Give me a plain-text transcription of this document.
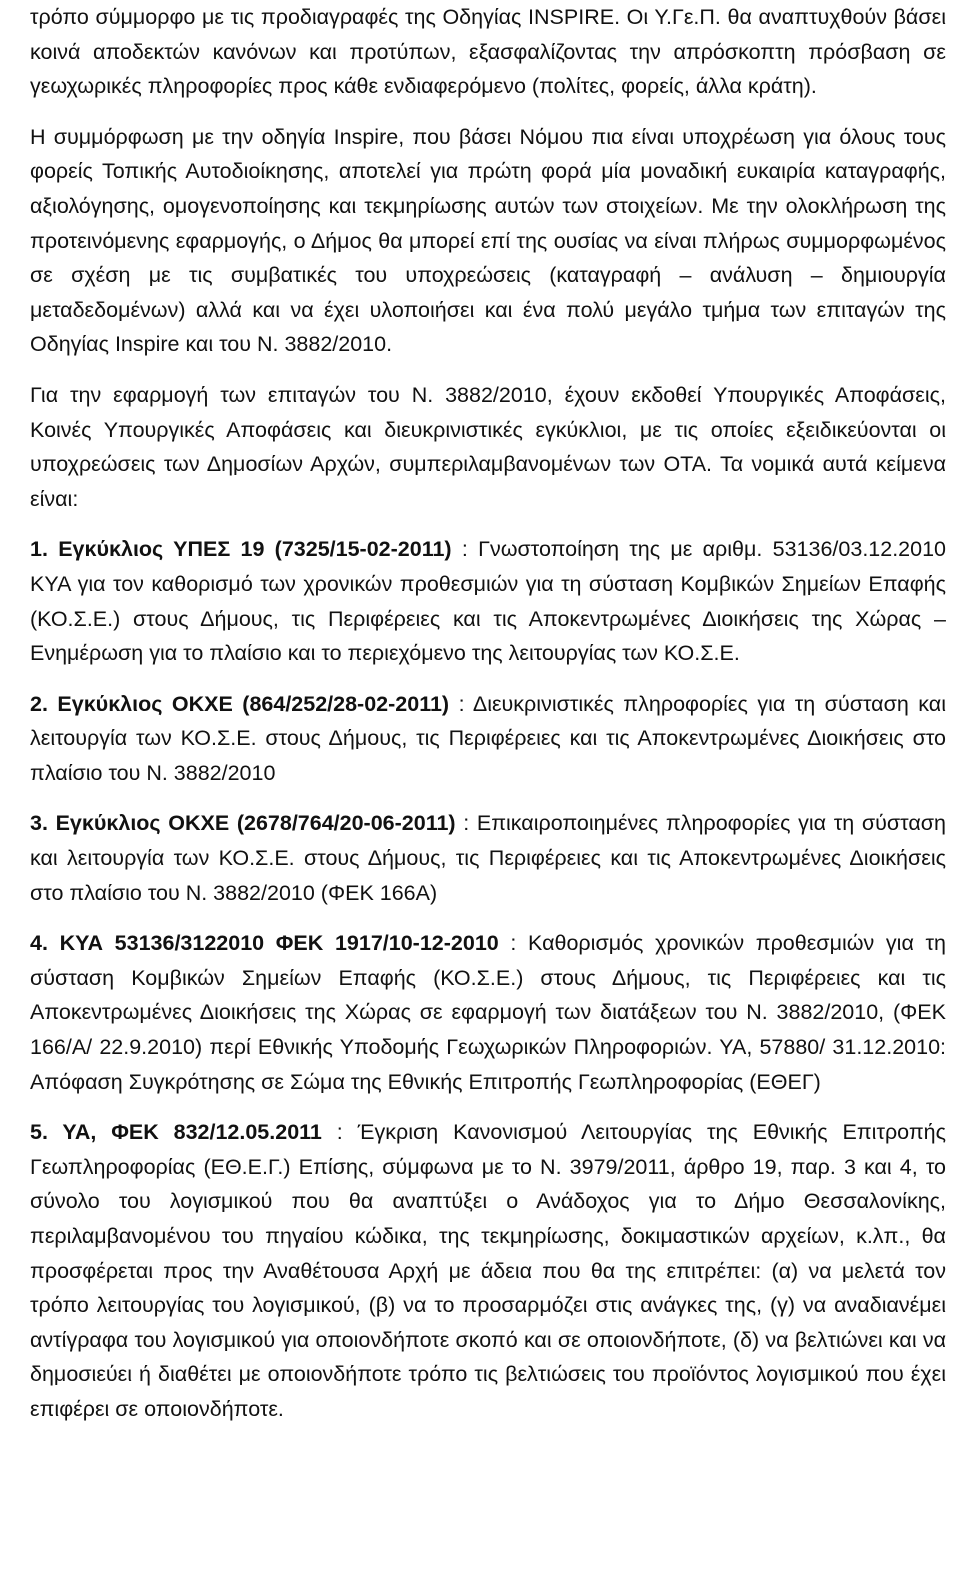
τρόπο σύμμορφο με τις προδιαγραφές της Οδηγίας INSPIRE. Οι Υ.Γε.Π. θα αναπτυχθούν βάσει κοινά αποδεκτών κανόνων και προτύπων, εξασφαλίζοντας την απρόσκοπτη πρόσβαση σε γεωχωρικές πληροφορίες προς κάθε ενδιαφερόμενο (πολίτες, φορείς, άλλα κράτη).

Η συμμόρφωση με την οδηγία Inspire, που βάσει Νόμου πια είναι υποχρέωση για όλους τους φορείς Τοπικής Αυτοδιοίκησης, αποτελεί για πρώτη φορά μία μοναδική ευκαιρία καταγραφής, αξιολόγησης, ομογενοποίησης και τεκμηρίωσης αυτών των στοιχείων. Με την ολοκλήρωση της προτεινόμενης εφαρμογής, ο Δήμος θα μπορεί επί της ουσίας να είναι πλήρως συμμορφωμένος σε σχέση με τις συμβατικές του υποχρεώσεις (καταγραφή – ανάλυση – δημιουργία μεταδεδομένων) αλλά και να έχει υλοποιήσει και ένα πολύ μεγάλο τμήμα των επιταγών της Οδηγίας Inspire και του Ν. 3882/2010.

Για την εφαρμογή των επιταγών του Ν. 3882/2010, έχουν εκδοθεί Υπουργικές Αποφάσεις, Κοινές Υπουργικές Αποφάσεις και διευκρινιστικές εγκύκλιοι, με τις οποίες εξειδικεύονται οι υποχρεώσεις των Δημοσίων Αρχών, συμπεριλαμβανομένων των ΟΤΑ. Τα νομικά αυτά κείμενα είναι:

1. Εγκύκλιος ΥΠΕΣ 19 (7325/15-02-2011) : Γνωστοποίηση της με αριθμ. 53136/03.12.2010 ΚΥΑ για τον καθορισμό των χρονικών προθεσμιών για τη σύσταση Κομβικών Σημείων Επαφής (ΚΟ.Σ.Ε.) στους Δήμους, τις Περιφέρειες και τις Αποκεντρωμένες Διοικήσεις της Χώρας – Ενημέρωση για το πλαίσιο και το περιεχόμενο της λειτουργίας των ΚΟ.Σ.Ε.

2. Εγκύκλιος ΟΚΧΕ (864/252/28-02-2011) : Διευκρινιστικές πληροφορίες για τη σύσταση και λειτουργία των ΚΟ.Σ.Ε. στους Δήμους, τις Περιφέρειες και τις Αποκεντρωμένες Διοικήσεις στο πλαίσιο του Ν. 3882/2010

3. Εγκύκλιος ΟΚΧΕ (2678/764/20-06-2011) : Επικαιροποιημένες πληροφορίες για τη σύσταση και λειτουργία των ΚΟ.Σ.Ε. στους Δήμους, τις Περιφέρειες και τις Αποκεντρωμένες Διοικήσεις στο πλαίσιο του Ν. 3882/2010 (ΦΕΚ 166Α)

4. ΚΥΑ 53136/3122010 ΦΕΚ 1917/10-12-2010 : Καθορισμός χρονικών προθεσμιών για τη σύσταση Κομβικών Σημείων Επαφής (ΚΟ.Σ.Ε.) στους Δήμους, τις Περιφέρειες και τις Αποκεντρωμένες Διοικήσεις της Χώρας σε εφαρμογή των διατάξεων του Ν. 3882/2010, (ΦΕΚ 166/Α/ 22.9.2010) περί Εθνικής Υποδομής Γεωχωρικών Πληροφοριών. ΥΑ, 57880/ 31.12.2010: Απόφαση Συγκρότησης σε Σώμα της Εθνικής Επιτροπής Γεωπληροφορίας (ΕΘΕΓ)

5. ΥΑ, ΦΕΚ 832/12.05.2011 : Έγκριση Κανονισμού Λειτουργίας της Εθνικής Επιτροπής Γεωπληροφορίας (ΕΘ.Ε.Γ.) Επίσης, σύμφωνα με το Ν. 3979/2011, άρθρο 19, παρ. 3 και 4, το σύνολο του λογισμικού που θα αναπτύξει ο Ανάδοχος για το Δήμο Θεσσαλονίκης, περιλαμβανομένου του πηγαίου κώδικα, της τεκμηρίωσης, δοκιμαστικών αρχείων, κ.λπ., θα προσφέρεται προς την Αναθέτουσα Αρχή με άδεια που θα της επιτρέπει: (α) να μελετά τον τρόπο λειτουργίας του λογισμικού, (β) να το προσαρμόζει στις ανάγκες της, (γ) να αναδιανέμει αντίγραφα του λογισμικού για οποιονδήποτε σκοπό και σε οποιονδήποτε, (δ) να βελτιώνει και να δημοσιεύει ή διαθέτει με οποιονδήποτε τρόπο τις βελτιώσεις του προϊόντος λογισμικού που έχει επιφέρει σε οποιονδήποτε.
